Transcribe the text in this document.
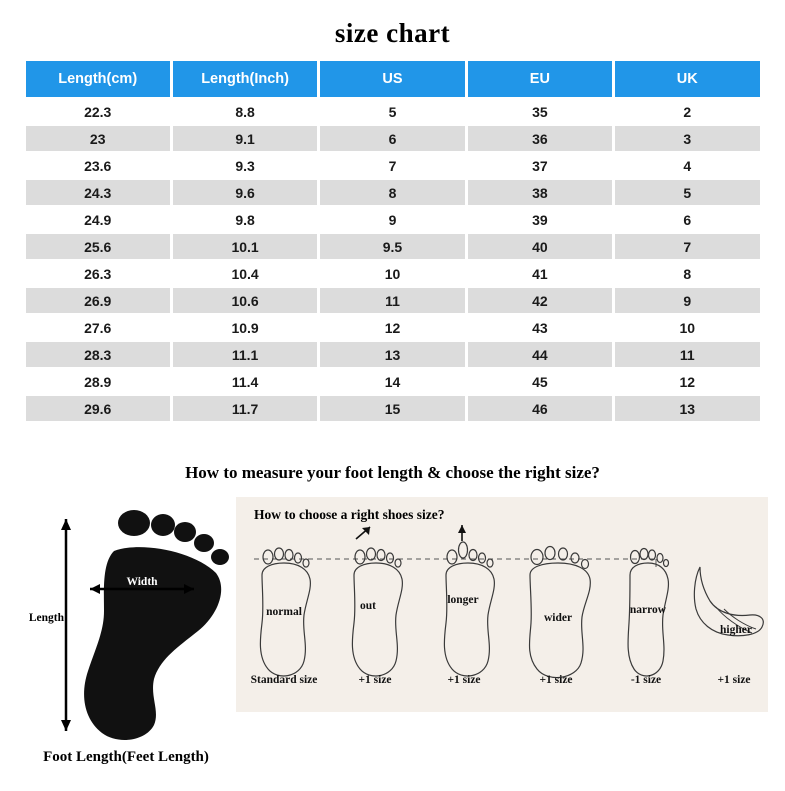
size chart
Length(cm)	Length(Inch)	US	EU	UK
22.3	8.8	5	35	2
23	9.1	6	36	3
23.6	9.3	7	37	4
24.3	9.6	8	38	5
24.9	9.8	9	39	6
25.6	10.1	9.5	40	7
26.3	10.4	10	41	8
26.9	10.6	11	42	9
27.6	10.9	12	43	10
28.3	11.1	13	44	11
28.9	11.4	14	45	12
29.6	11.7	15	46	13
How to measure your foot length & choose the right size?
Width
Length
Foot Length(Feet Length)
How to choose a right shoes size?
normal	out	longer
wider
narrow
higher
Standard size	+1 size	+1 size	+1 size	-1 size	+1 size
